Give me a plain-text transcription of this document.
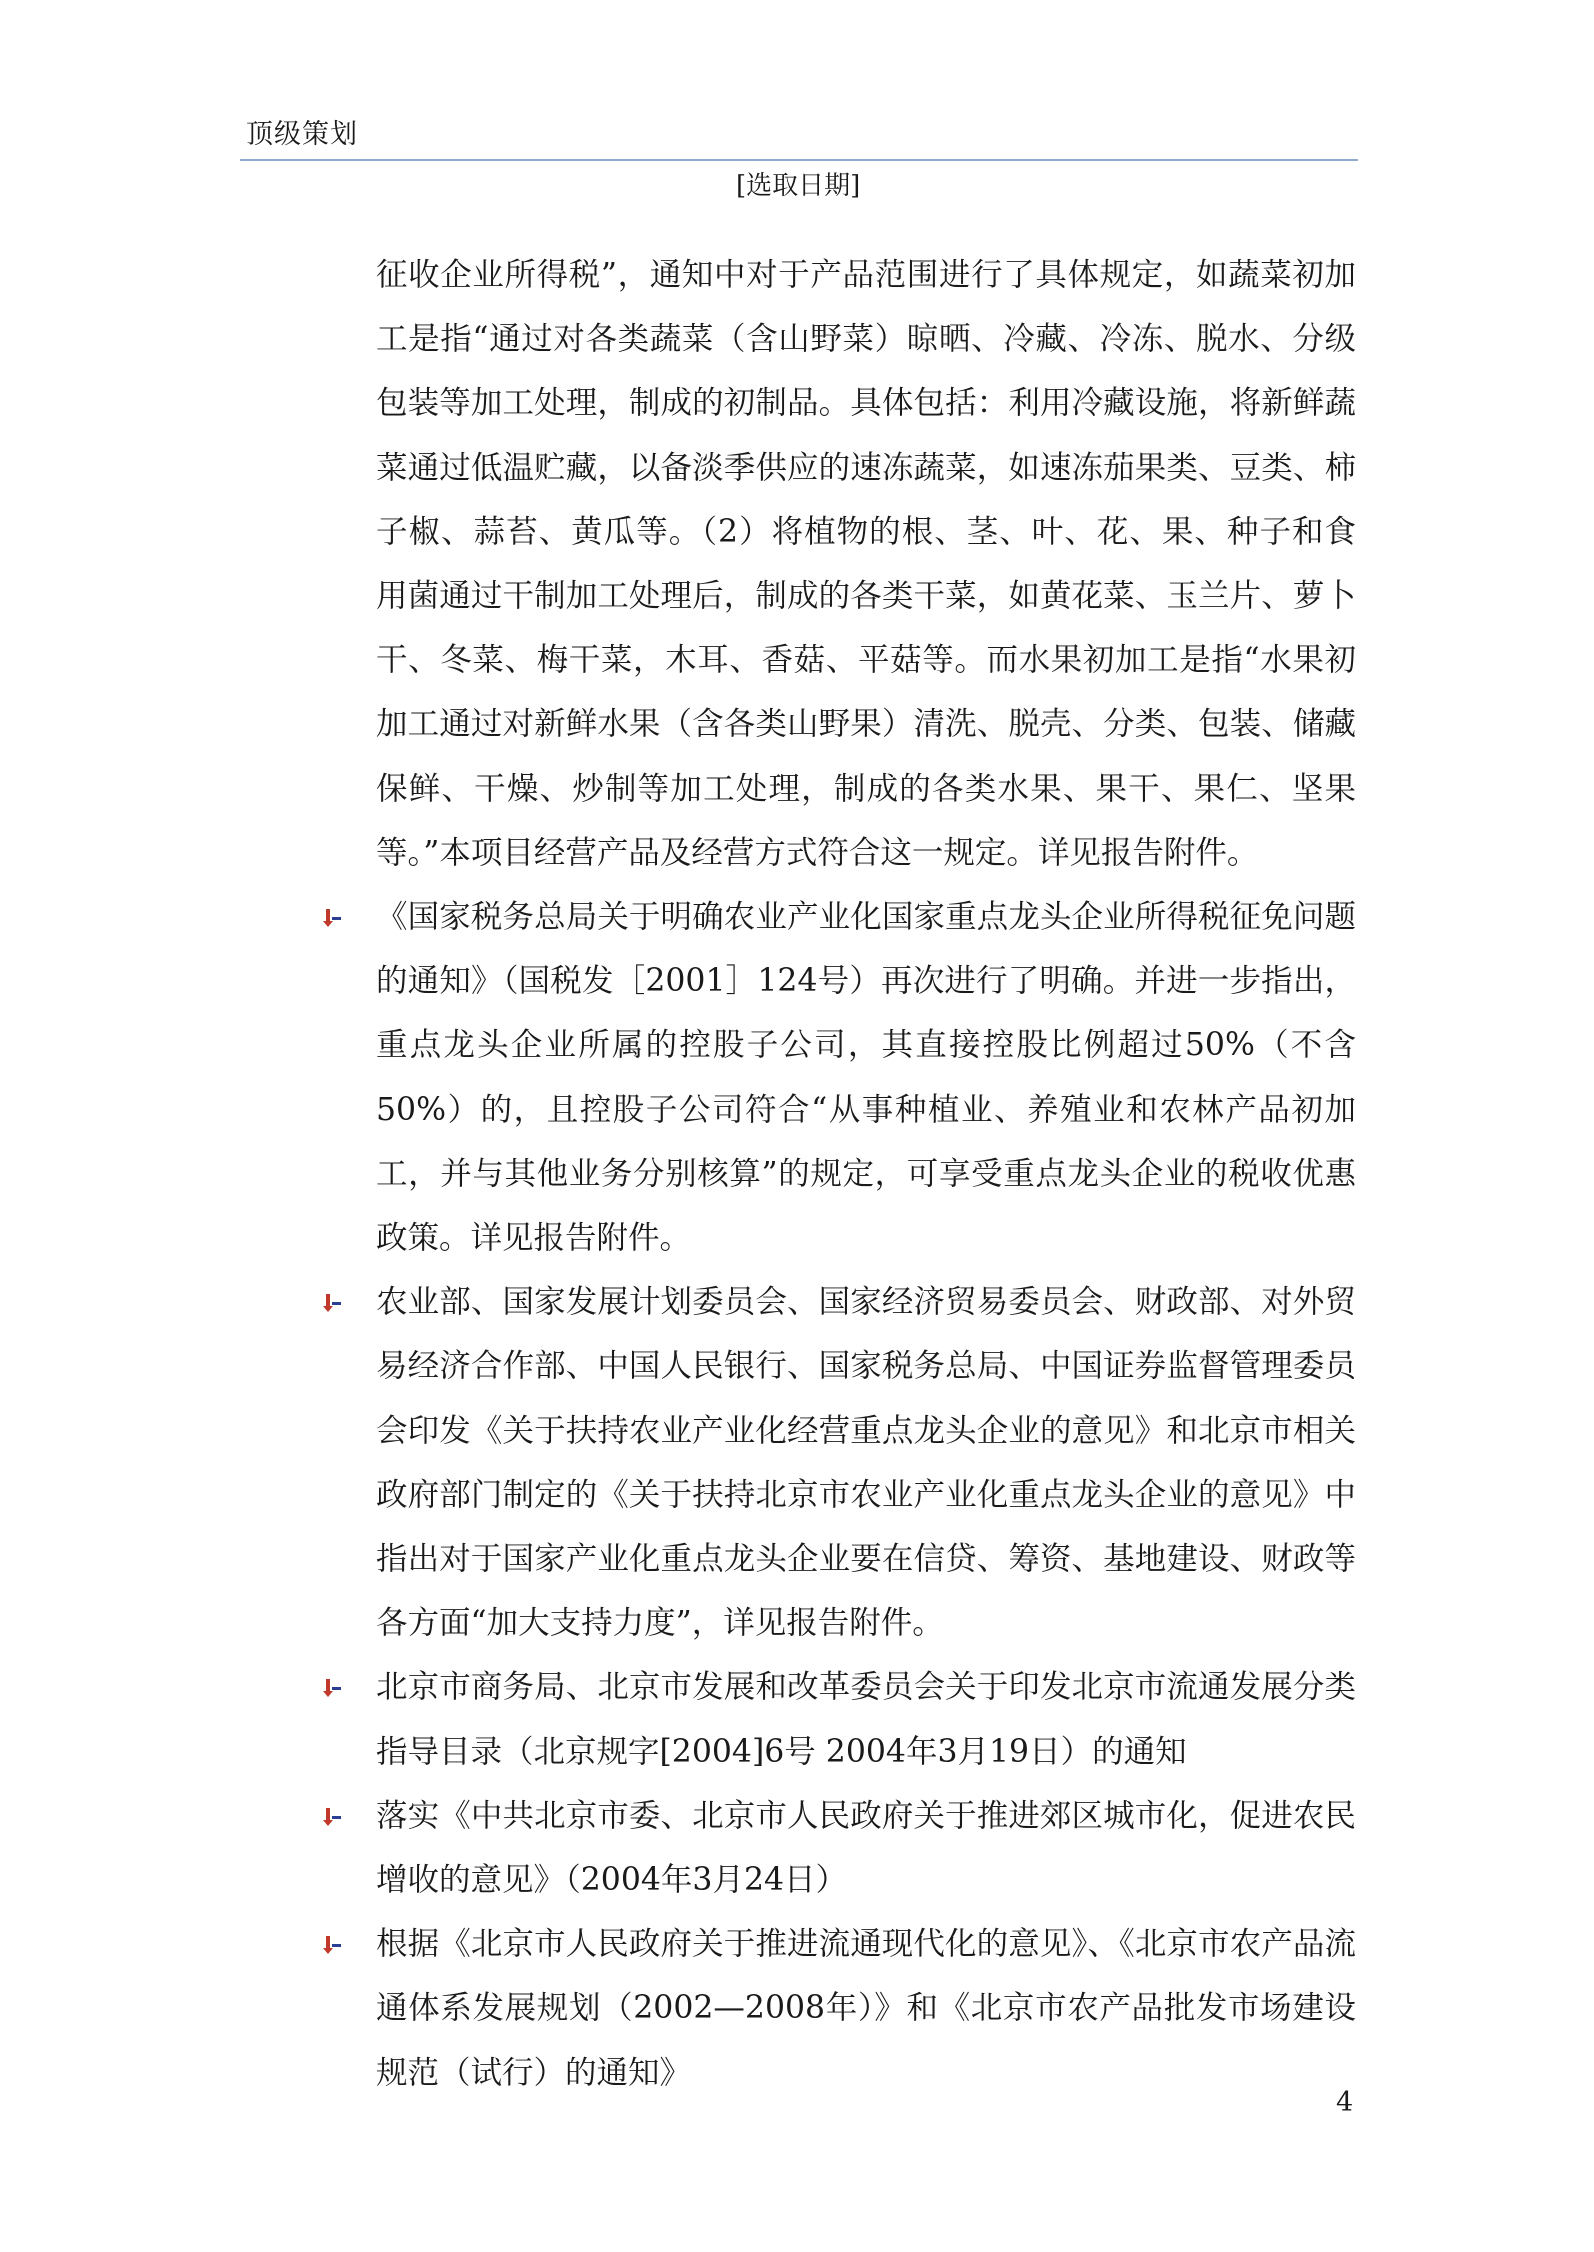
顶级策划
[选取日期]

征收企业所得税”，通知中对于产品范围进行了具体规定，如蔬菜初加工是指“通过对各类蔬菜（含山野菜）晾晒、冷藏、冷冻、脱水、分级包装等加工处理，制成的初制品。具体包括：利用冷藏设施，将新鲜蔬菜通过低温贮藏，以备淡季供应的速冻蔬菜，如速冻茄果类、豆类、柿子椒、蒜苔、黄瓜等。（2）将植物的根、茎、叶、花、果、种子和食用菌通过干制加工处理后，制成的各类干菜，如黄花菜、玉兰片、萝卜干、冬菜、梅干菜，木耳、香菇、平菇等。而水果初加工是指“水果初加工通过对新鲜水果（含各类山野果）清洗、脱壳、分类、包装、储藏保鲜、干燥、炒制等加工处理，制成的各类水果、果干、果仁、坚果等。”本项目经营产品及经营方式符合这一规定。详见报告附件。

《国家税务总局关于明确农业产业化国家重点龙头企业所得税征免问题的通知》（国税发［2001］124号）再次进行了明确。并进一步指出，重点龙头企业所属的控股子公司，其直接控股比例超过50%（不含50%）的，且控股子公司符合“从事种植业、养殖业和农林产品初加工，并与其他业务分别核算”的规定，可享受重点龙头企业的税收优惠政策。详见报告附件。
农业部、国家发展计划委员会、国家经济贸易委员会、财政部、对外贸易经济合作部、中国人民银行、国家税务总局、中国证券监督管理委员会印发《关于扶持农业产业化经营重点龙头企业的意见》和北京市相关政府部门制定的《关于扶持北京市农业产业化重点龙头企业的意见》中指出对于国家产业化重点龙头企业要在信贷、筹资、基地建设、财政等各方面“加大支持力度”，详见报告附件。
北京市商务局、北京市发展和改革委员会关于印发北京市流通发展分类指导目录（北京规字[2004]6号 2004年3月19日）的通知
落实《中共北京市委、北京市人民政府关于推进郊区城市化，促进农民增收的意见》（2004年3月24日）
根据《北京市人民政府关于推进流通现代化的意见》、《北京市农产品流通体系发展规划（2002—2008年）》和《北京市农产品批发市场建设规范（试行）的通知》
4
